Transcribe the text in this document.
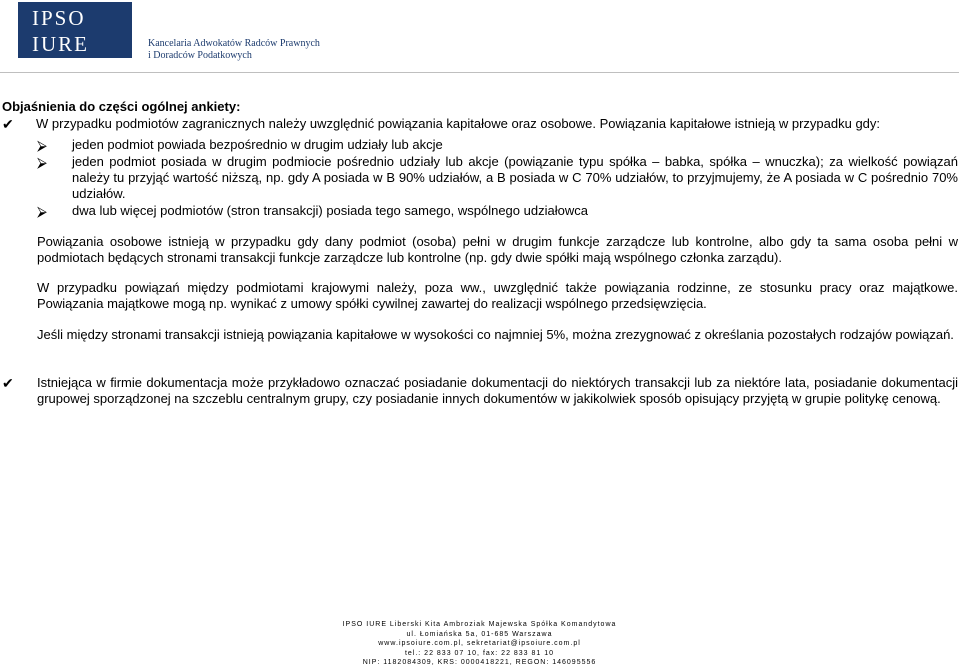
IPSO
IURE	Kancelaria Adwokatów Radców Prawnych
i Doradców Podatkowych
Objaśnienia do części ogólnej ankiety:
✔ W przypadku podmiotów zagranicznych należy uwzględnić powiązania kapitałowe oraz osobowe. Powiązania kapitałowe istnieją w przypadku gdy:
⮚ jeden podmiot powiada bezpośrednio w drugim udziały lub akcje
⮚ jeden podmiot posiada w drugim podmiocie pośrednio udziały lub akcje (powiązanie typu spółka – babka, spółka – wnuczka); za wielkość powiązań należy tu przyjąć wartość niższą, np. gdy A posiada w B 90% udziałów, a B posiada w C 70% udziałów, to przyjmujemy, że A posiada w C pośrednio 70% udziałów.
⮚ dwa lub więcej podmiotów (stron transakcji) posiada tego samego, wspólnego udziałowca
Powiązania osobowe istnieją w przypadku gdy dany podmiot (osoba) pełni w drugim funkcje zarządcze lub kontrolne, albo gdy ta sama osoba pełni w podmiotach będących stronami transakcji funkcje zarządcze lub kontrolne (np. gdy dwie spółki mają wspólnego członka zarządu).
W przypadku powiązań między podmiotami krajowymi należy, poza ww., uwzględnić także powiązania rodzinne, ze stosunku pracy oraz majątkowe. Powiązania majątkowe mogą np. wynikać z umowy spółki cywilnej zawartej do realizacji wspólnego przedsięwzięcia.
Jeśli między stronami transakcji istnieją powiązania kapitałowe w wysokości co najmniej 5%, można zrezygnować z określania pozostałych rodzajów powiązań.
✔ Istniejąca w firmie dokumentacja może przykładowo oznaczać posiadanie dokumentacji do niektórych transakcji lub za niektóre lata, posiadanie dokumentacji grupowej sporządzonej na szczeblu centralnym grupy, czy posiadanie innych dokumentów w jakikolwiek sposób opisujący przyjętą w grupie politykę cenową.
IPSO IURE Liberski Kita Ambroziak Majewska Spółka Komandytowa
ul. Łomiańska 5a, 01-685 Warszawa
www.ipsoiure.com.pl, sekretariat@ipsoiure.com.pl
tel.: 22 833 07 10, fax: 22 833 81 10
NIP: 1182084309, KRS: 0000418221, REGON: 146095556
